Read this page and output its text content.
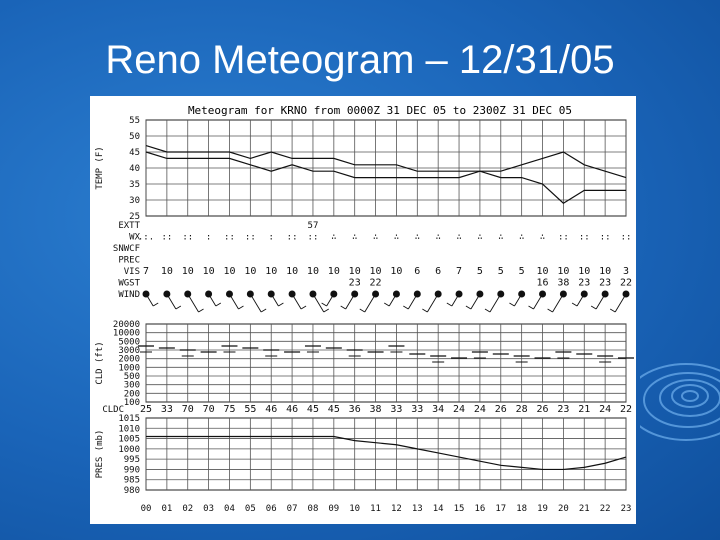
Reno Meteogram – 12/31/05
Meteogram for KRNO from 0000Z 31 DEC 05 to 2300Z 31 DEC 05
55
50
45
40
35
30
25
TEMP (F)
EXTT
WX
SNWCF
PREC
VIS
WGST
WIND
57
.:. :: :: : :: :: : :: :: ∴ ∴ ∴ ∴ ∴ ∴ ∴ ∴ ∴ ∴ ∴ :: :: :: ::
7 10 10 10 10 10 10 10 10 10 10 10 10 6 6 7 5 5 5 10 10 10 10 3
23 22	16 38 23 23 22
20000
10000
5000
3000
2000
1000
500
300
200
100
CLD (ft)
CLDC 25 33 70 70 75 55 46 46 45 45 36 38 33 33 34 24 24 26 28 26 23 21 24 22
1015
1010
1005
1000
995
990
985
980
PRES (mb)
00 01 02 03 04 05 06 07 08 09 10 11 12 13 14 15 16 17 18 19 20 21 22 23
